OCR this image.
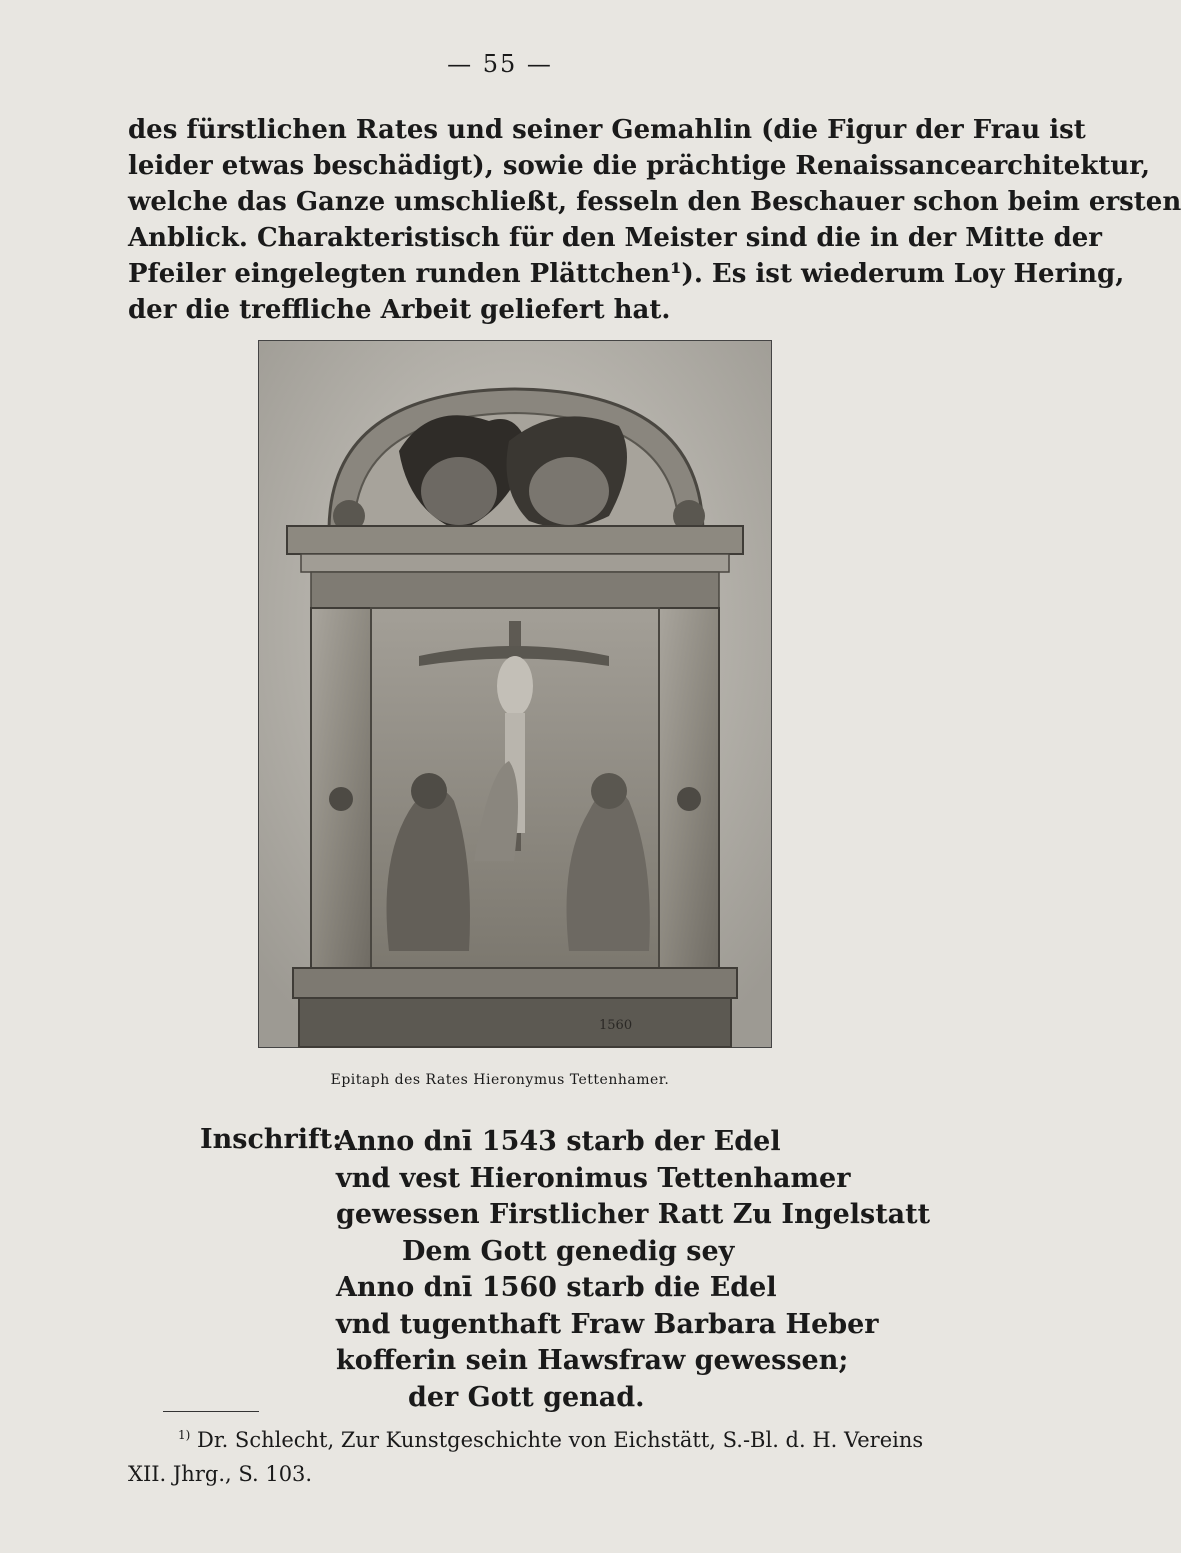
— 55 —
des fürstlichen Rates und seiner Gemahlin (die Figur der Frau ist
leider etwas beschädigt), sowie die prächtige Renaissancearchitektur,
welche das Ganze umschließt, fesseln den Beschauer schon beim ersten
Anblick. Charakteristisch für den Meister sind die in der Mitte der
Pfeiler eingelegten runden Plättchen¹). Es ist wiederum Loy Hering,
der die treffliche Arbeit geliefert hat.
1560
Epitaph des Rates Hieronymus Tettenhamer.
Inschrift:
Anno dnī 1543 starb der Edel
vnd vest Hieronimus Tettenhamer
gewessen Firstlicher Ratt Zu Ingelstatt
Dem Gott genedig sey
Anno dnī 1560 starb die Edel
vnd tugenthaft Fraw Barbara Heber
kofferin sein Hawsfraw gewessen;
der Gott genad.
$^{1)}$ Dr. Schlecht, Zur Kunstgeschichte von Eichstätt, S.-Bl. d. H. Vereins
XII. Jhrg., S. 103.
